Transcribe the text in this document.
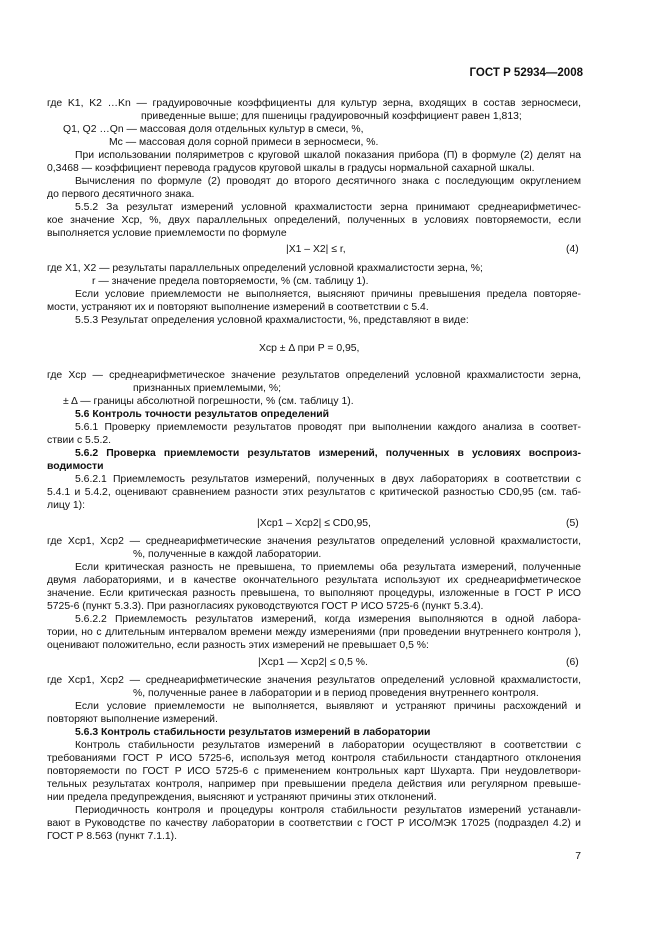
ГОСТ Р 52934—2008
где K1, K2 …Kn — градуировочные коэффициенты для культур зерна, входящих в состав зерносмеси,
приведенные выше; для пшеницы градуировочный коэффициент равен 1,813;
Q1, Q2 …Qn — массовая доля отдельных культур в смеси, %,
Mс — массовая доля сорной примеси в зерносмеси, %.
При использовании поляриметров с круговой шкалой показания прибора (П) в формуле (2) делят на
0,3468 — коэффициент перевода градусов круговой шкалы в градусы нормальной сахарной шкалы.
Вычисления по формуле (2) проводят до второго десятичного знака с последующим округлением
до первого десятичного знака.
5.5.2 За результат измерений условной крахмалистости зерна принимают среднеарифметичес-
кое значение Xср, %, двух параллельных определений, полученных в условиях повторяемости, если
выполняется условие приемлемости по формуле
|X1 – X2| ≤ r,	(4)
где X1, X2 — результаты параллельных определений условной крахмалистости зерна, %;
r — значение предела повторяемости, % (см. таблицу 1).
Если условие приемлемости не выполняется, выясняют причины превышения предела повторяе-
мости, устраняют их и повторяют выполнение измерений в соответствии с 5.4.
5.5.3 Результат определения условной крахмалистости, %, представляют в виде:
Xср ± Δ при P = 0,95,
где Xср — среднеарифметическое значение результатов определений условной крахмалистости зерна,
признанных приемлемыми, %;
± Δ — границы абсолютной погрешности, % (см. таблицу 1).
5.6 Контроль точности результатов определений
5.6.1 Проверку приемлемости результатов проводят при выполнении каждого анализа в соответ-
ствии с 5.5.2.
5.6.2 Проверка приемлемости результатов измерений, полученных в условиях воспроиз-
водимости
5.6.2.1 Приемлемость результатов измерений, полученных в двух лабораториях в соответствии с
5.4.1 и 5.4.2, оценивают сравнением разности этих результатов с критической разностью CD0,95 (см. таб-
лицу 1):
|Xср1 – Xср2| ≤ CD0,95,	(5)
где Xср1, Xср2 — среднеарифметические значения результатов определений условной крахмалистости,
%, полученные в каждой лаборатории.
Если критическая разность не превышена, то приемлемы оба результата измерений, полученные
двумя лабораториями, и в качестве окончательного результата используют их среднеарифметическое
значение. Если критическая разность превышена, то выполняют процедуры, изложенные в ГОСТ Р ИСО
5725-6 (пункт 5.3.3). При разногласиях руководствуются ГОСТ Р ИСО 5725-6 (пункт 5.3.4).
5.6.2.2 Приемлемость результатов измерений, когда измерения выполняются в одной лабора-
тории, но с длительным интервалом времени между измерениями (при проведении внутреннего контроля ),
оценивают положительно, если разность этих измерений не превышает 0,5 %:
|Xср1 — Xср2| ≤ 0,5 %.	(6)
где Xср1, Xср2 — среднеарифметические значения результатов определений условной крахмалистости,
%, полученные ранее в лаборатории и в период проведения внутреннего контроля.
Если условие приемлемости не выполняется, выявляют и устраняют причины расхождений и
повторяют выполнение измерений.
5.6.3 Контроль стабильности результатов измерений в лаборатории
Контроль стабильности результатов измерений в лаборатории осуществляют в соответствии с
требованиями ГОСТ Р ИСО 5725-6, используя метод контроля стабильности стандартного отклонения
повторяемости по ГОСТ Р ИСО 5725-6 с применением контрольных карт Шухарта. При неудовлетвори-
тельных результатах контроля, например при превышении предела действия или регулярном превыше-
нии предела предупреждения, выясняют и устраняют причины этих отклонений.
Периодичность контроля и процедуры контроля стабильности результатов измерений устанавли-
вают в Руководстве по качеству лаборатории в соответствии с ГОСТ Р ИСО/МЭК 17025 (подраздел 4.2) и
ГОСТ Р 8.563 (пункт 7.1.1).
7
